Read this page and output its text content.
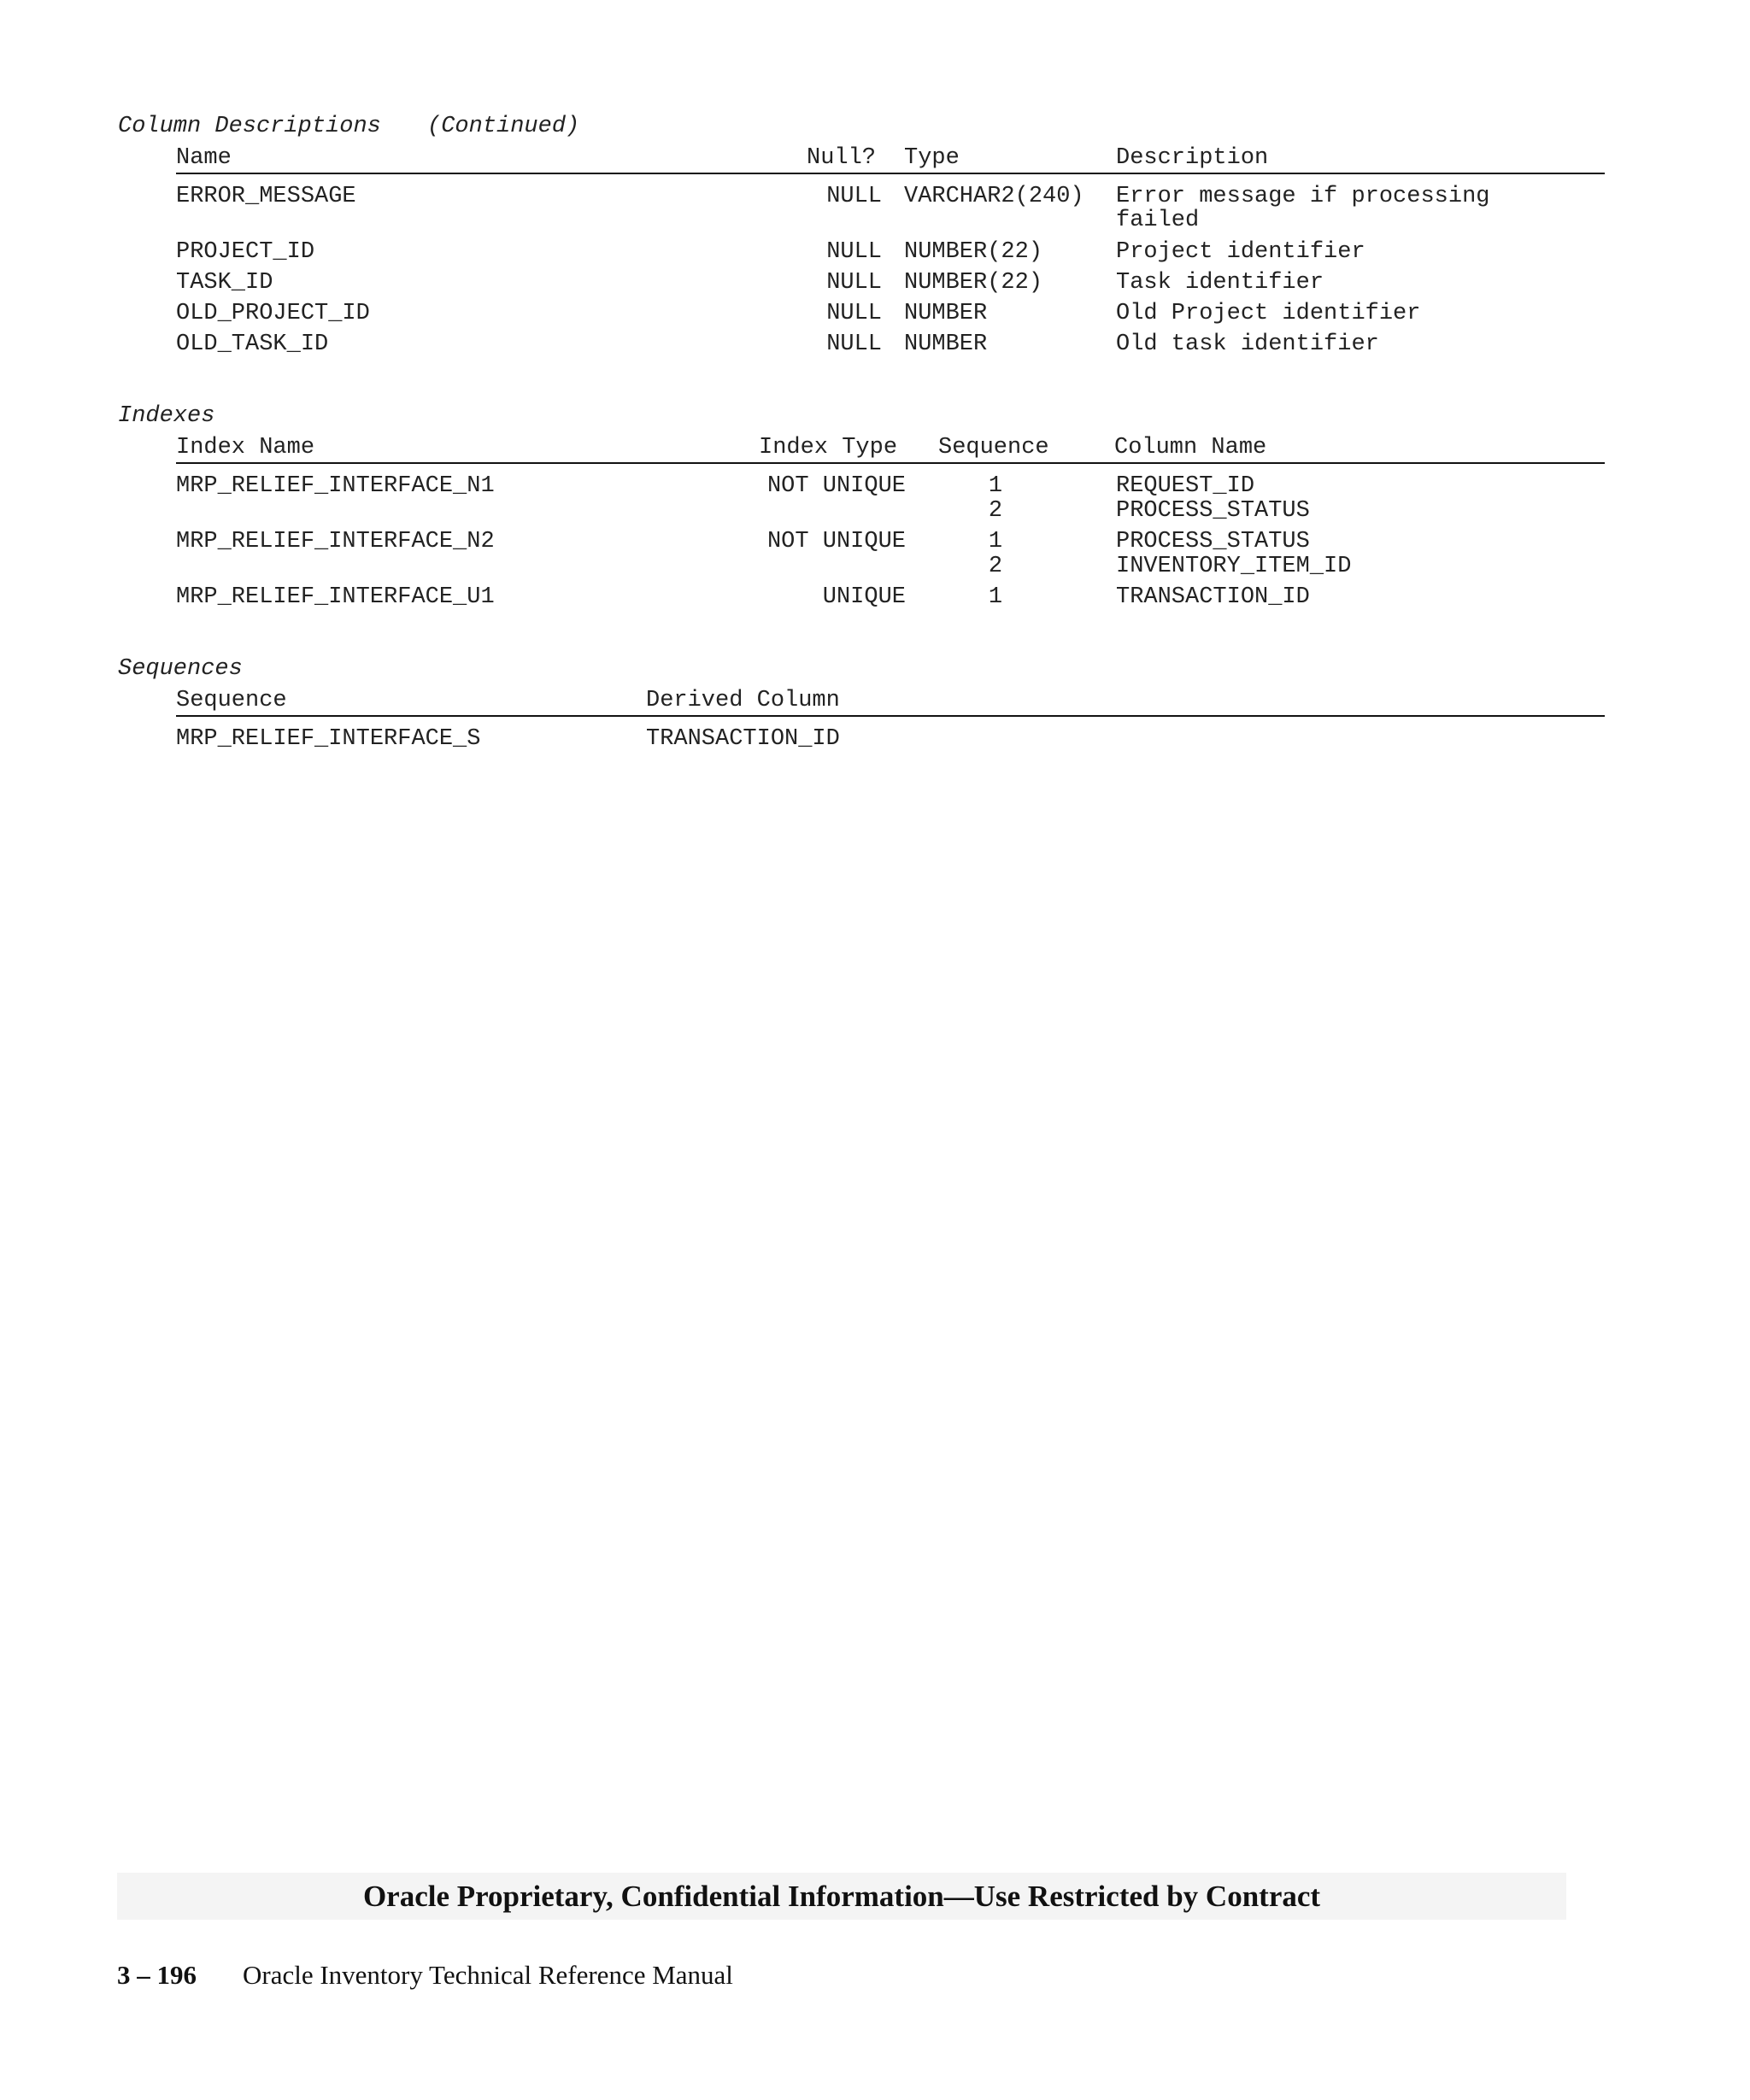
Column Descriptions (Continued)
Name	Null? Type	Description
ERROR_MESSAGE	NULL VARCHAR2(240) Error message if processing
failed
PROJECT_ID	NULL NUMBER(22)	Project identifier
TASK_ID	NULL NUMBER(22)	Task identifier
OLD_PROJECT_ID	NULL NUMBER	Old Project identifier
OLD_TASK_ID	NULL NUMBER	Old task identifier
Indexes
Index Name	Index Type Sequence	Column Name
MRP_RELIEF_INTERFACE_N1	NOT UNIQUE	1	REQUEST_ID
2	PROCESS_STATUS
MRP_RELIEF_INTERFACE_N2	NOT UNIQUE	1	PROCESS_STATUS
2	INVENTORY_ITEM_ID
MRP_RELIEF_INTERFACE_U1	UNIQUE	1	TRANSACTION_ID
Sequences
Sequence	Derived Column
MRP_RELIEF_INTERFACE_S	TRANSACTION_ID
Oracle Proprietary, Confidential Information––Use Restricted by Contract
3 – 196 Oracle Inventory Technical Reference Manual
